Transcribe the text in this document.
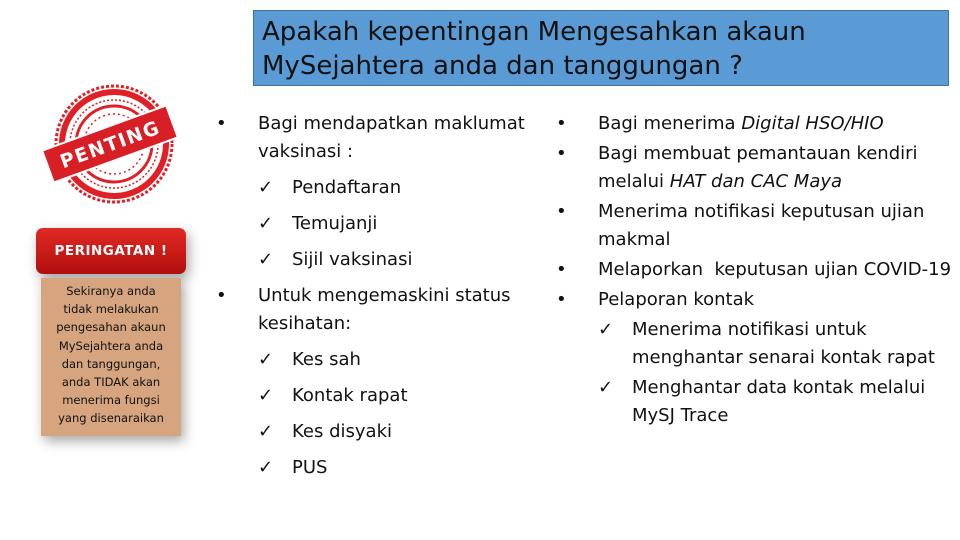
Apakah kepentingan Mengesahkan akaun MySejahtera anda dan tanggungan ?
PENTING
PERINGATAN !
Sekiranya anda
tidak melakukan
pengesahan akaun
MySejahtera anda
dan tanggungan,
anda TIDAK akan
menerima fungsi
yang disenaraikan
•	Bagi mendapatkan maklumat vaksinasi :
✓ Pendaftaran
✓ Temujanji
✓ Sijil vaksinasi
•	Untuk mengemaskini status kesihatan:
✓ Kes sah
✓ Kontak rapat
✓ Kes disyaki
✓ PUS
•	Bagi menerima Digital HSO/HIO
•	Bagi membuat pemantauan kendiri melalui HAT dan CAC Maya
•	Menerima notifikasi keputusan ujian makmal
•	Melaporkan  keputusan ujian COVID-19
•	Pelaporan kontak
✓ Menerima notifikasi untuk menghantar senarai kontak rapat
✓ Menghantar data kontak melalui MySJ Trace
